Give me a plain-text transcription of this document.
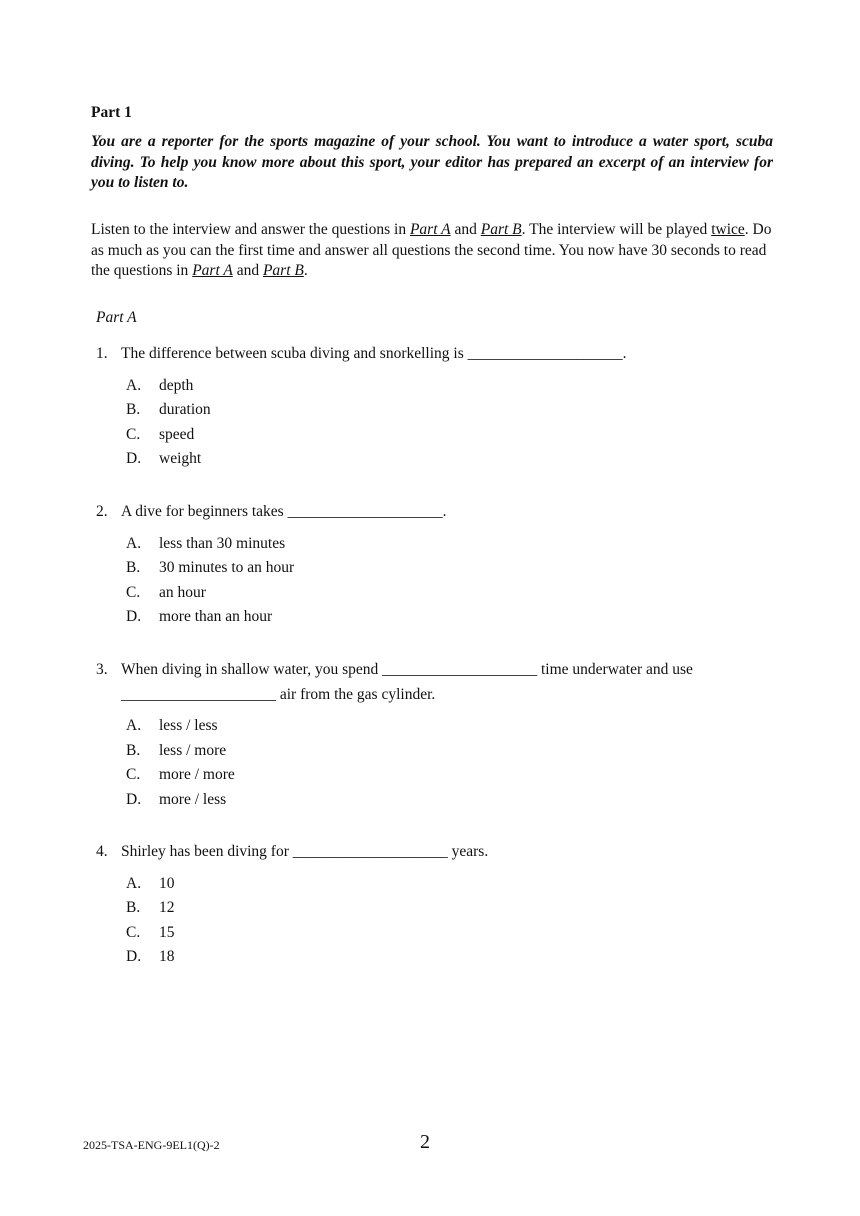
Part 1

You are a reporter for the sports magazine of your school. You want to introduce a water sport, scuba diving. To help you know more about this sport, your editor has prepared an excerpt of an interview for you to listen to.

Listen to the interview and answer the questions in Part A and Part B. The interview will be played twice. Do as much as you can the first time and answer all questions the second time. You now have 30 seconds to read the questions in Part A and Part B.

Part A

1. The difference between scuba diving and snorkelling is ____________________.

A. depth
B. duration
C. speed
D. weight

2. A dive for beginners takes ____________________.

A. less than 30 minutes
B. 30 minutes to an hour
C. an hour
D. more than an hour

3. When diving in shallow water, you spend ____________________ time underwater and use ____________________ air from the gas cylinder.

A. less / less
B. less / more
C. more / more
D. more / less

4. Shirley has been diving for ____________________ years.

A. 10
B. 12
C. 15
D. 18

2025-TSA-ENG-9EL1(Q)-2	2
